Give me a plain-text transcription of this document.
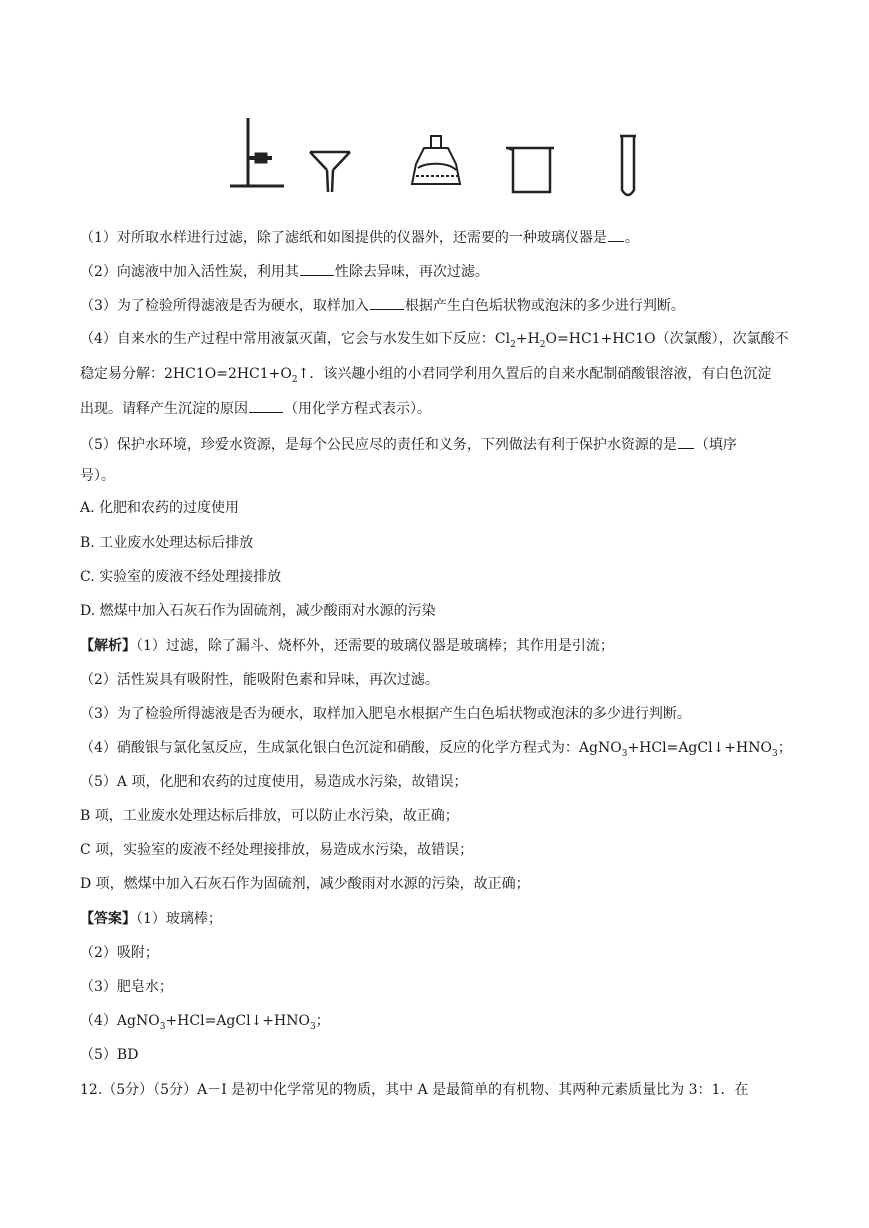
（1）对所取水样进行过滤，除了滤纸和如图提供的仪器外，还需要的一种玻璃仪器是 。
（2）向滤液中加入活性炭，利用其	性除去异味，再次过滤。
（3）为了检验所得滤液是否为硬水，取样加入	根据产生白色垢状物或泡沫的多少进行判断。
（4）自来水的生产过程中常用液氯灭菌，它会与水发生如下反应：$Cl_2+H_2O=HC1+HC1O$（次氯酸），次氯酸不
稳定易分解：$2HC1O=2HC1+O_2↑$．该兴趣小组的小君同学利用久置后的自来水配制硝酸银溶液，有白色沉淀
出现。请释产生沉淀的原因	（用化学方程式表示）。
（5）保护水环境，珍爱水资源，是每个公民应尽的责任和义务，下列做法有利于保护水资源的是 （填序
号）。
A. 化肥和农药的过度使用
B. 工业废水处理达标后排放
C. 实验室的废液不经处理接排放
D. 燃煤中加入石灰石作为固硫剂，减少酸雨对水源的污染
【解析】（1）过滤，除了漏斗、烧杯外，还需要的玻璃仪器是玻璃棒；其作用是引流；
（2）活性炭具有吸附性，能吸附色素和异味，再次过滤。
（3）为了检验所得滤液是否为硬水，取样加入肥皂水根据产生白色垢状物或泡沫的多少进行判断。
（4）硝酸银与氯化氢反应，生成氯化银白色沉淀和硝酸，反应的化学方程式为：$AgNO_3+HCl=AgCl↓+HNO_3$；
（5）A 项，化肥和农药的过度使用，易造成水污染，故错误；
B 项，工业废水处理达标后排放，可以防止水污染，故正确；
C 项，实验室的废液不经处理接排放，易造成水污染，故错误；
D 项，燃煤中加入石灰石作为固硫剂，减少酸雨对水源的污染，故正确；
【答案】（1）玻璃棒；
（2）吸附；
（3）肥皂水；
$(4)AgNO_3+HCl=AgCl↓+HNO_3$；
（5）BD
12.（5分）（5分）A－I 是初中化学常见的物质，其中 A 是最简单的有机物、其两种元素质量比为 3：1．在
